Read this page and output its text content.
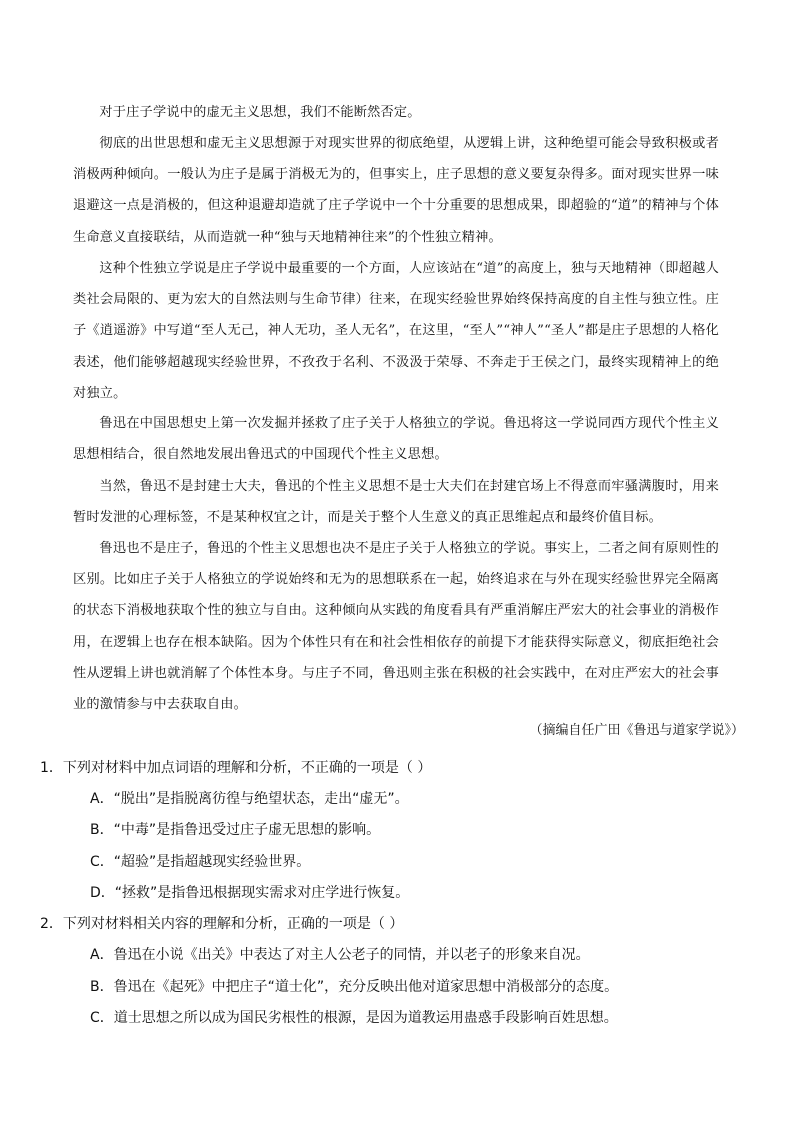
对于庄子学说中的虚无主义思想，我们不能断然否定。

彻底的出世思想和虚无主义思想源于对现实世界的彻底绝望，从逻辑上讲，这种绝望可能会导致积极或者消极两种倾向。一般认为庄子是属于消极无为的，但事实上，庄子思想的意义要复杂得多。面对现实世界一味退避这一点是消极的，但这种退避却造就了庄子学说中一个十分重要的思想成果，即超验的“道”的精神与个体生命意义直接联结，从而造就一种“独与天地精神往来”的个性独立精神。

这种个性独立学说是庄子学说中最重要的一个方面，人应该站在“道”的高度上，独与天地精神（即超越人类社会局限的、更为宏大的自然法则与生命节律）往来，在现实经验世界始终保持高度的自主性与独立性。庄子《逍遥游》中写道“至人无己，神人无功，圣人无名”，在这里，“至人”“神人”“圣人”都是庄子思想的人格化表述，他们能够超越现实经验世界，不孜孜于名利、不汲汲于荣辱、不奔走于王侯之门，最终实现精神上的绝对独立。

鲁迅在中国思想史上第一次发掘并拯救了庄子关于人格独立的学说。鲁迅将这一学说同西方现代个性主义思想相结合，很自然地发展出鲁迅式的中国现代个性主义思想。

当然，鲁迅不是封建士大夫，鲁迅的个性主义思想不是士大夫们在封建官场上不得意而牢骚满腹时，用来暂时发泄的心理标签，不是某种权宜之计，而是关于整个人生意义的真正思维起点和最终价值目标。

鲁迅也不是庄子，鲁迅的个性主义思想也决不是庄子关于人格独立的学说。事实上，二者之间有原则性的区别。比如庄子关于人格独立的学说始终和无为的思想联系在一起，始终追求在与外在现实经验世界完全隔离的状态下消极地获取个性的独立与自由。这种倾向从实践的角度看具有严重消解庄严宏大的社会事业的消极作用，在逻辑上也存在根本缺陷。因为个体性只有在和社会性相依存的前提下才能获得实际意义，彻底拒绝社会性从逻辑上讲也就消解了个体性本身。与庄子不同，鲁迅则主张在积极的社会实践中，在对庄严宏大的社会事业的激情参与中去获取自由。

（摘编自任广田《鲁迅与道家学说》）
1．下列对材料中加点词语的理解和分析，不正确的一项是（ ）
A．“脱出”是指脱离彷徨与绝望状态，走出“虚无”。
B．“中毒”是指鲁迅受过庄子虚无思想的影响。
C．“超验”是指超越现实经验世界。
D．“拯救”是指鲁迅根据现实需求对庄学进行恢复。
2．下列对材料相关内容的理解和分析，正确的一项是（ ）
A．鲁迅在小说《出关》中表达了对主人公老子的同情，并以老子的形象来自况。
B．鲁迅在《起死》中把庄子“道士化”，充分反映出他对道家思想中消极部分的态度。
C．道士思想之所以成为国民劣根性的根源，是因为道教运用蛊惑手段影响百姓思想。
